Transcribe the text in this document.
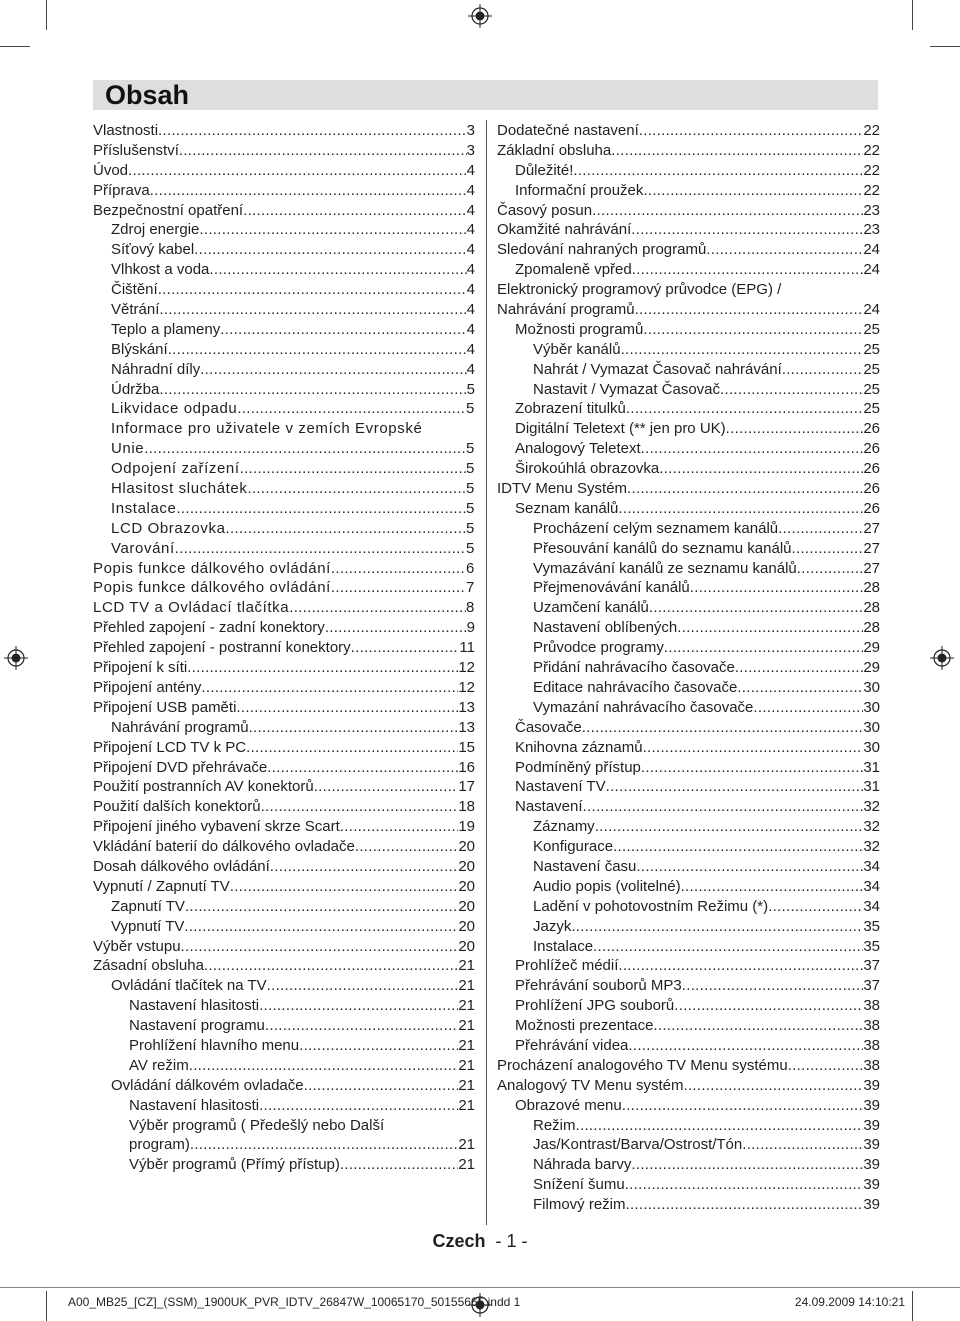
Obsah
Vlastnosti .....	3
Příslušenství .....	3
Úvod .....	4
Příprava .....	4
Bezpečnostní opatření .....	4
Zdroj energie .....	4
Síťový kabel .....	4
Vlhkost a voda .....	4
Čištění .....	4
Větrání .....	4
Teplo a plameny .....	4
Blýskání .....	4
Náhradní díly .....	4
Údržba .....	5
Likvidace odpadu .....	5
Informace pro uživatele v zemích Evropské
Unie .....	5
Odpojení zařízení .....	5
Hlasitost sluchátek .....	5
Instalace .....	5
LCD Obrazovka .....	5
Varování .....	5
Popis funkce dálkového ovládání .....	6
Popis funkce dálkového ovládání .....	7
LCD TV a Ovládací tlačítka .....	8
Přehled zapojení - zadní konektory .....	9
Přehled zapojení - postranní konektory .....	11
Připojení k síti .....	12
Připojení antény .....	12
Připojení USB paměti .....	13
Nahrávání programů .....	13
Připojení LCD TV k PC .....	15
Připojení DVD přehrávače .....	16
Použití postranních AV konektorů .....	17
Použití dalších konektorů .....	18
Připojení jiného vybavení skrze Scart .....	19
Vkládání baterií do dálkového ovladače .....	20
Dosah dálkového ovládání .....	20
Vypnutí / Zapnutí TV .....	20
Zapnutí TV .....	20
Vypnutí TV .....	20
Výběr vstupu .....	20
Zásadní obsluha .....	21
Ovládání tlačítek na TV .....	21
Nastavení hlasitosti .....	21
Nastavení programu .....	21
Prohlížení hlavního menu .....	21
AV režim .....	21
Ovládání dálkovém ovladače .....	21
Nastavení hlasitosti .....	21
Výběr programů ( Předešlý nebo Další
program) .....	21
Výběr programů (Přímý přístup) .....	21
Dodatečné nastavení .....	22
Základní obsluha .....	22
Důležité! .....	22
Informační proužek .....	22
Časový posun .....	23
Okamžité nahrávání .....	23
Sledování nahraných programů .....	24
Zpomaleně vpřed .....	24
Elektronický programový průvodce (EPG) /
Nahrávání programů .....	24
Možnosti programů .....	25
Výběr kanálů .....	25
Nahrát / Vymazat Časovač nahrávání .....	25
Nastavit / Vymazat Časovač .....	25
Zobrazení titulků .....	25
Digitální Teletext (** jen pro UK) .....	26
Analogový Teletext .....	26
Širokoúhlá obrazovka .....	26
IDTV Menu Systém .....	26
Seznam kanálů .....	26
Procházení celým seznamem kanálů .....	27
Přesouvání kanálů do seznamu kanálů .....	27
Vymazávání kanálů ze seznamu kanálů .....	27
Přejmenovávání kanálů .....	28
Uzamčení kanálů .....	28
Nastavení oblíbených .....	28
Průvodce programy .....	29
Přidání nahrávacího časovače .....	29
Editace nahrávacího časovače .....	30
Vymazání nahrávacího časovače .....	30
Časovače .....	30
Knihovna záznamů .....	30
Podmíněný přístup .....	31
Nastavení TV .....	31
Nastavení .....	32
Záznamy .....	32
Konfigurace .....	32
Nastavení času .....	34
Audio popis (volitelné) .....	34
Ladění v pohotovostním Režimu (*) .....	34
Jazyk .....	35
Instalace .....	35
Prohlížeč médií .....	37
Přehrávání souborů MP3 .....	37
Prohlížení JPG souborů .....	38
Možnosti prezentace .....	38
Přehrávání videa .....	38
Procházení analogového TV Menu systému .....	38
Analogový TV Menu systém .....	39
Obrazové menu .....	39
Režim .....	39
Jas/Kontrast/Barva/Ostrost/Tón .....	39
Náhrada barvy .....	39
Snížení šumu .....	39
Filmový režim .....	39
Czech - 1 -
A00_MB25_[CZ]_(SSM)_1900UK_PVR_IDTV_26847W_10065170_50155665.indd 1	24.09.2009 14:10:21
